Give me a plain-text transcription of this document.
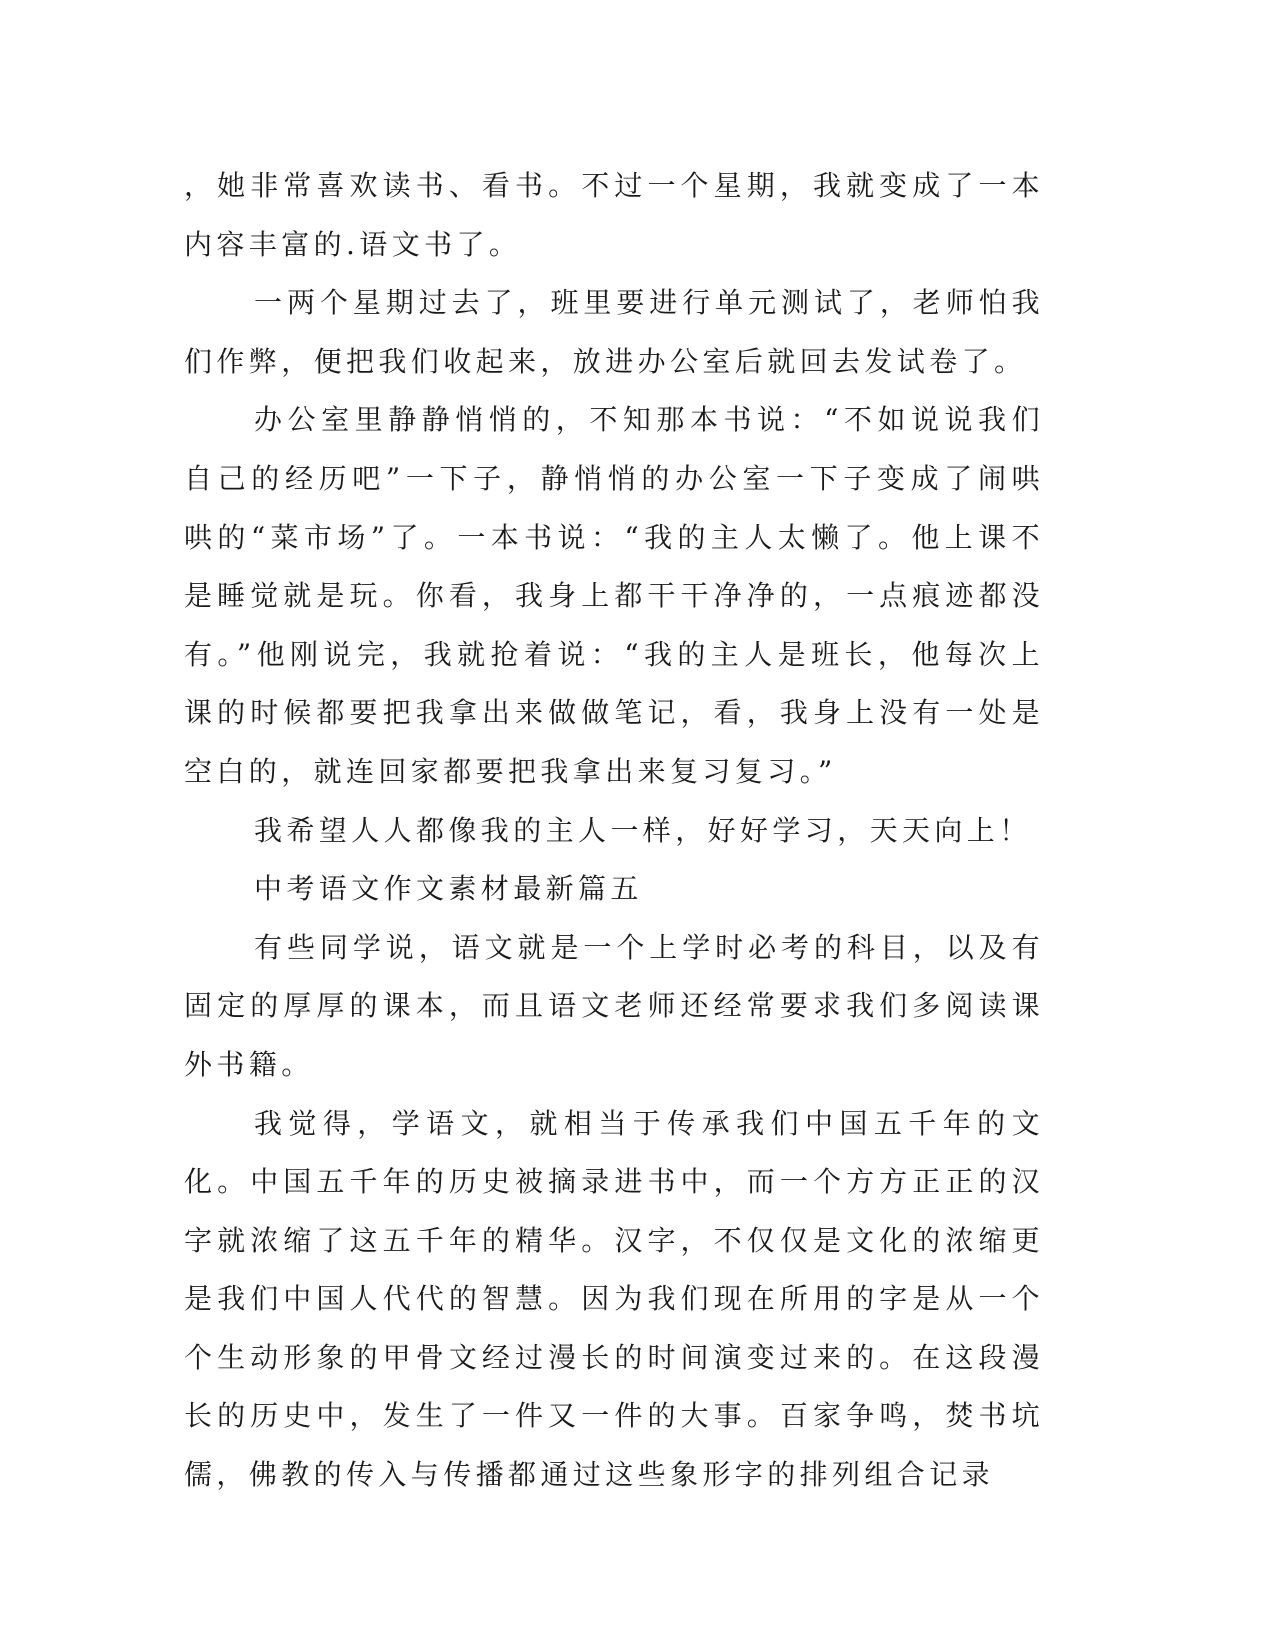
，她非常喜欢读书、看书。不过一个星期，我就变成了一本内容丰富的.语文书了。

一两个星期过去了，班里要进行单元测试了，老师怕我们作弊，便把我们收起来，放进办公室后就回去发试卷了。

办公室里静静悄悄的，不知那本书说：“不如说说我们自己的经历吧”一下子，静悄悄的办公室一下子变成了闹哄哄的“菜市场”了。一本书说：“我的主人太懒了。他上课不是睡觉就是玩。你看，我身上都干干净净的，一点痕迹都没有。”他刚说完，我就抢着说：“我的主人是班长，他每次上课的时候都要把我拿出来做做笔记，看，我身上没有一处是空白的，就连回家都要把我拿出来复习复习。”

我希望人人都像我的主人一样，好好学习，天天向上！

中考语文作文素材最新篇五

有些同学说，语文就是一个上学时必考的科目，以及有固定的厚厚的课本，而且语文老师还经常要求我们多阅读课外书籍。

我觉得，学语文，就相当于传承我们中国五千年的文化。中国五千年的历史被摘录进书中，而一个方方正正的汉字就浓缩了这五千年的精华。汉字，不仅仅是文化的浓缩更是我们中国人代代的智慧。因为我们现在所用的字是从一个个生动形象的甲骨文经过漫长的时间演变过来的。在这段漫长的历史中，发生了一件又一件的大事。百家争鸣，焚书坑儒，佛教的传入与传播都通过这些象形字的排列组合记录
